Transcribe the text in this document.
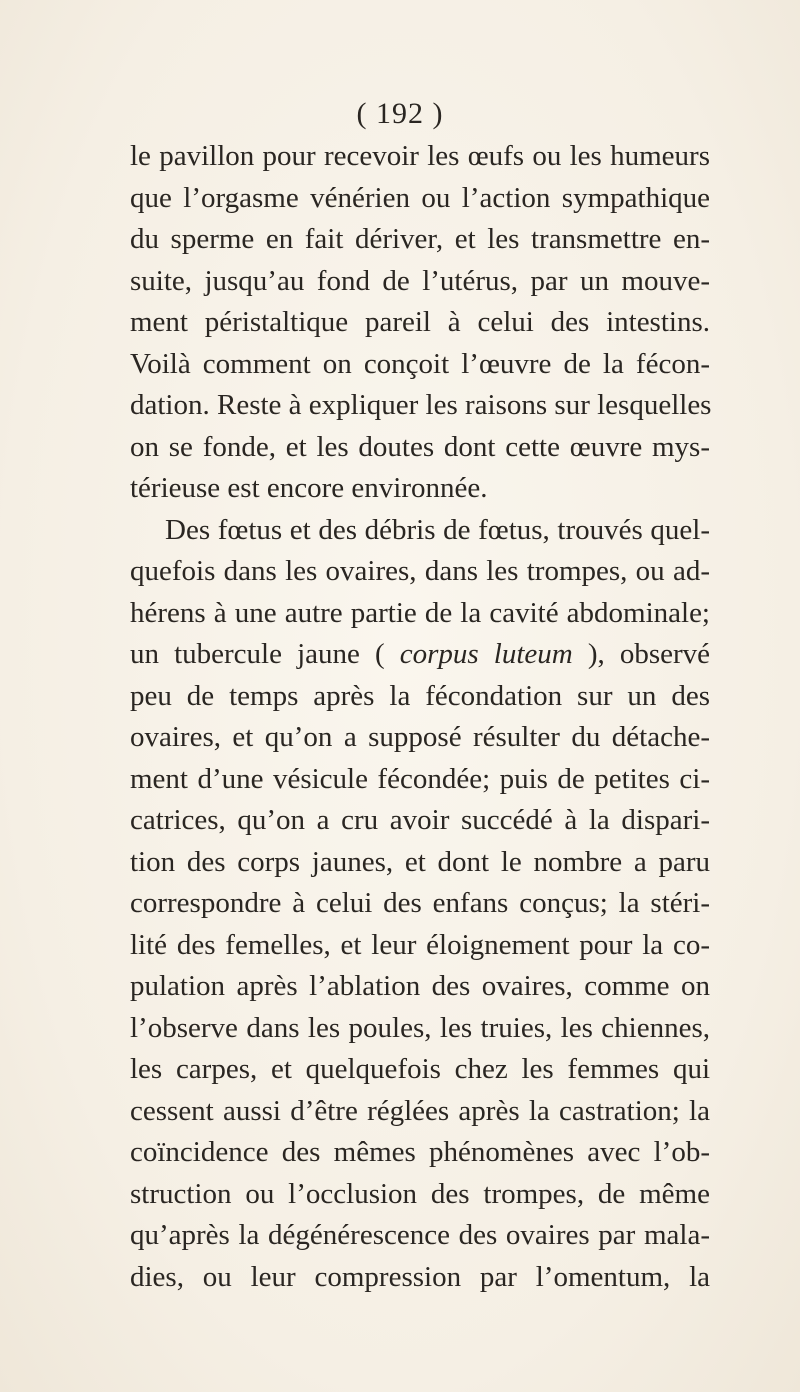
( 192 )
le pavillon pour recevoir les œufs ou les humeurs
que l’orgasme vénérien ou l’action sympathique
du sperme en fait dériver, et les transmettre en-
suite, jusqu’au fond de l’utérus, par un mouve-
ment péristaltique pareil à celui des intestins.
Voilà comment on conçoit l’œuvre de la fécon-
dation. Reste à expliquer les raisons sur lesquelles
on se fonde, et les doutes dont cette œuvre mys-
térieuse est encore environnée.
Des fœtus et des débris de fœtus, trouvés quel-
quefois dans les ovaires, dans les trompes, ou ad-
hérens à une autre partie de la cavité abdominale;
un tubercule jaune ( corpus luteum ), observé
peu de temps après la fécondation sur un des
ovaires, et qu’on a supposé résulter du détache-
ment d’une vésicule fécondée; puis de petites ci-
catrices, qu’on a cru avoir succédé à la dispari-
tion des corps jaunes, et dont le nombre a paru
correspondre à celui des enfans conçus; la stéri-
lité des femelles, et leur éloignement pour la co-
pulation après l’ablation des ovaires, comme on
l’observe dans les poules, les truies, les chiennes,
les carpes, et quelquefois chez les femmes qui
cessent aussi d’être réglées après la castration; la
coïncidence des mêmes phénomènes avec l’ob-
struction ou l’occlusion des trompes, de même
qu’après la dégénérescence des ovaires par mala-
dies, ou leur compression par l’omentum, la
